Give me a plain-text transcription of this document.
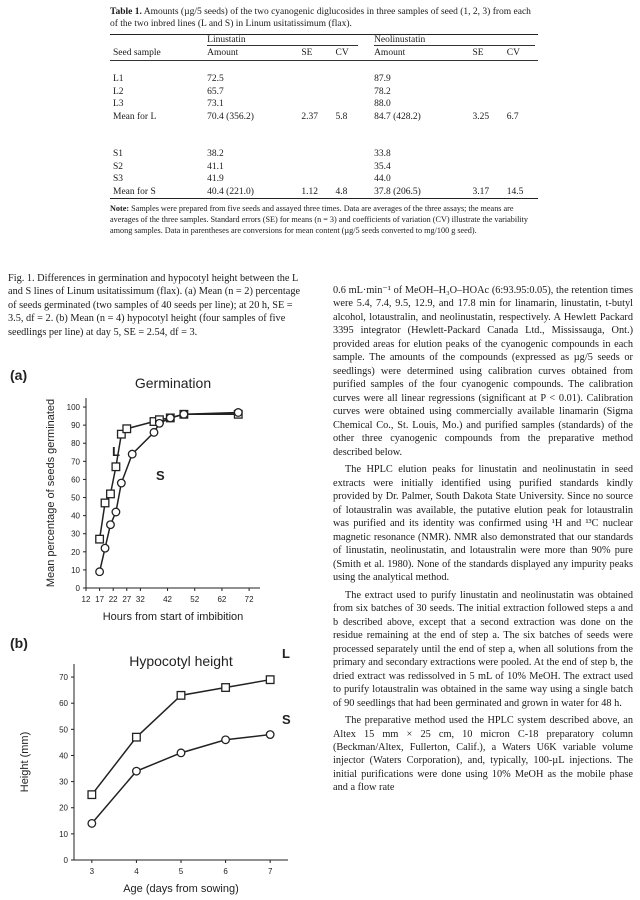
Table 1. Amounts (µg/5 seeds) of the two cyanogenic diglucosides in three samples of seed (1, 2, 3) from each of the two inbred lines (L and S) in Linum usitatissimum (flax).

	Linustatin			Neolinustatin		

Seed sample	Amount	SE	CV	Amount	SE	CV

L1	72.5			87.9		
L2	65.7			78.2		
L3	73.1			88.0		
Mean for L	70.4 (356.2)	2.37	5.8	84.7 (428.2)	3.25	6.7

S1	38.2			33.8		
S2	41.1			35.4		
S3	41.9			44.0		
Mean for S	40.4 (221.0)	1.12	4.8	37.8 (206.5)	3.17	14.5
Note: Samples were prepared from five seeds and assayed three times. Data are averages of the three assays; the means are averages of the three samples. Standard errors (SE) for means (n = 3) and coefficients of variation (CV) illustrate the variability among samples. Data in parentheses are conversions for mean content (µg/5 seeds converted to mg/100 g seed).
Fig. 1. Differences in germination and hypocotyl height between the L and S lines of Linum usitatissimum (flax). (a) Mean (n = 2) percentage of seeds germinated (two samples of 40 seeds per line); at 20 h, SE = 3.5, df = 2. (b) Mean (n = 4) hypocotyl height (four samples of five seedlings per line) at day 5, SE = 2.54, df = 3.
(a)	Germination
12 17 22 27 32 42 52 62 72
0
10
20
30
40
50
60
70
80
90
100
Hours from start of imbibition
Mean percentage of seeds germinated	L
S
(b)
Hypocotyl height
3	4	5	6	7
0
10
20
30
40
50
60
70
Age (days from sowing)
Height (mm)
L
S

0.6 mL·min⁻¹ of MeOH–H₃O–HOAc (6:93.95:0.05), the retention times were 5.4, 7.4, 9.5, 12.9, and 17.8 min for linamarin, linustatin, t-butyl alcohol, lotaustralin, and neolinustatin, respectively. A Hewlett Packard 3395 integrator (Hewlett-Packard Canada Ltd., Mississauga, Ont.) provided areas for elution peaks of the cyanogenic compounds in each sample. The amounts of the compounds (expressed as µg/5 seeds or seedlings) were determined using calibration curves obtained from purified samples of the four cyanogenic compounds. The calibration curves were all linear regressions (significant at P < 0.01). Calibration curves were obtained using commercially available linamarin (Sigma Chemical Co., St. Louis, Mo.) and purified samples (standards) of the other three cyanogenic compounds from the preparative method described below.

The HPLC elution peaks for linustatin and neolinustatin in seed extracts were initially identified using purified standards kindly provided by Dr. Palmer, South Dakota State University. Since no source of lotaustralin was available, the putative elution peak for lotaustralin was purified and its identity was confirmed using ¹H and ¹³C nuclear magnetic resonance (NMR). NMR also demonstrated that our standards of linustatin, neolinustatin, and lotaustralin were more than 90% pure (Smith et al. 1980). None of the standards displayed any impurity peaks using the analytical method.

The extract used to purify linustatin and neolinustatin was obtained from six batches of 30 seeds. The initial extraction followed steps a and b described above, except that a second extraction was done on the residue remaining at the end of step a. The six batches of seeds were processed separately until the end of step a, when all solutions from the primary and secondary extractions were pooled. At the end of step b, the dried extract was redissolved in 5 mL of 10% MeOH. The extract used to purify lotaustralin was obtained in the same way using a single batch of 90 seedlings that had been germinated and grown in water for 48 h.

The preparative method used the HPLC system described above, an Altex 15 mm × 25 cm, 10 micron C-18 preparatory column (Beckman/Altex, Fullerton, Calif.), a Waters U6K variable volume injector (Waters Corporation), and, typically, 100-µL injections. The initial purifications were done using 10% MeOH as the mobile phase and a flow rate
